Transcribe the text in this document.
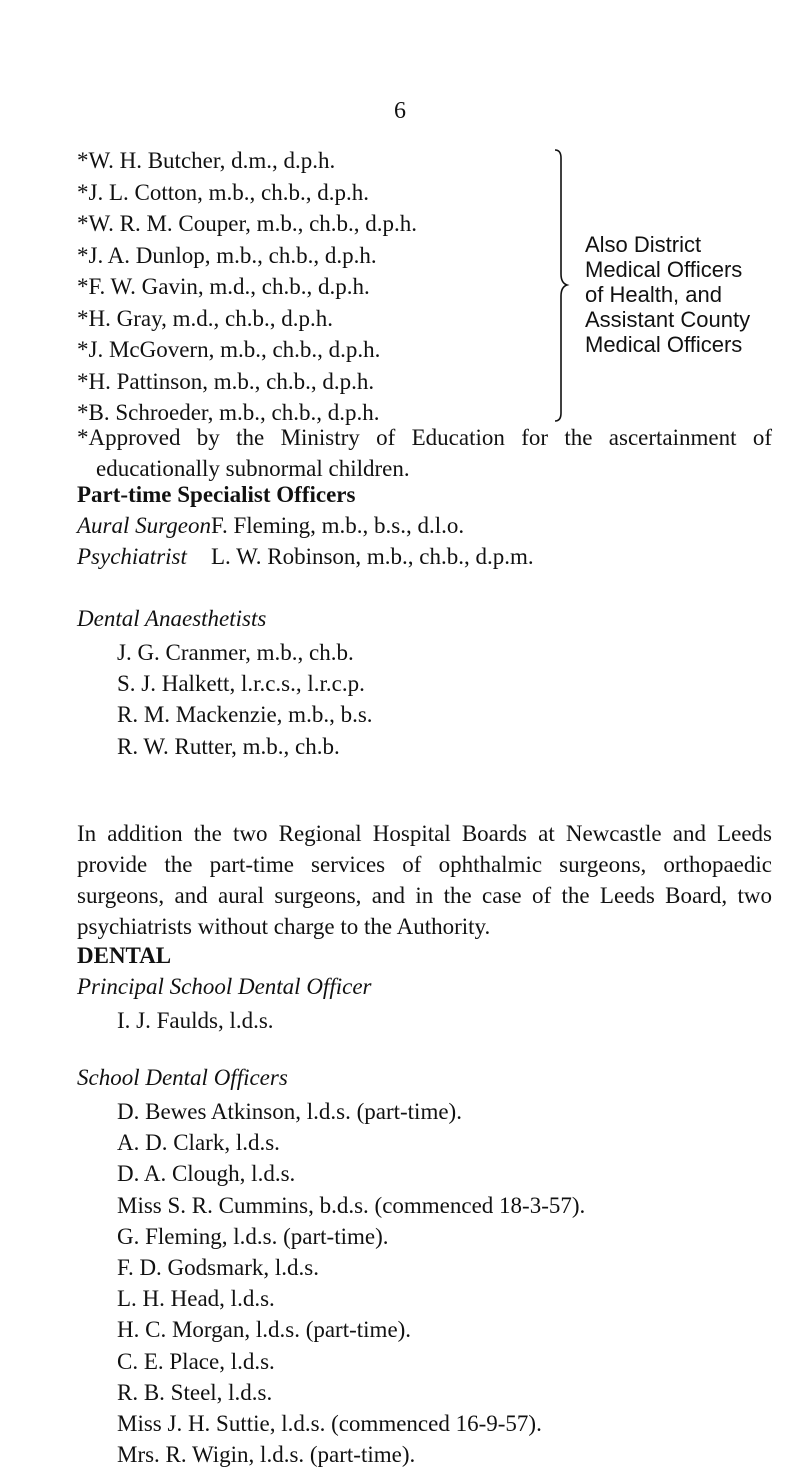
6
*W. H. Butcher, d.m., d.p.h.
*J. L. Cotton, m.b., ch.b., d.p.h.
*W. R. M. Couper, m.b., ch.b., d.p.h.
*J. A. Dunlop, m.b., ch.b., d.p.h.
*F. W. Gavin, m.d., ch.b., d.p.h.
*H. Gray, m.d., ch.b., d.p.h.
*J. McGovern, m.b., ch.b., d.p.h.
*H. Pattinson, m.b., ch.b., d.p.h.
*B. Schroeder, m.b., ch.b., d.p.h.
Also District
Medical Officers
of Health, and
Assistant County
Medical Officers
*Approved by the Ministry of Education for the ascertainment of
educationally subnormal children.
Part-time Specialist Officers
Aural SurgeonF. Fleming, m.b., b.s., d.l.o.
Psychiatrist L. W. Robinson, m.b., ch.b., d.p.m.
Dental Anaesthetists
J. G. Cranmer, m.b., ch.b.
S. J. Halkett, l.r.c.s., l.r.c.p.
R. M. Mackenzie, m.b., b.s.
R. W. Rutter, m.b., ch.b.
In addition the two Regional Hospital Boards at Newcastle and Leeds
provide the part-time services of ophthalmic surgeons, orthopaedic
surgeons, and aural surgeons, and in the case of the Leeds Board, two
psychiatrists without charge to the Authority.
DENTAL
Principal School Dental Officer
I. J. Faulds, l.d.s.
School Dental Officers
D. Bewes Atkinson, l.d.s. (part-time).
A. D. Clark, l.d.s.
D. A. Clough, l.d.s.
Miss S. R. Cummins, b.d.s. (commenced 18-3-57).
G. Fleming, l.d.s. (part-time).
F. D. Godsmark, l.d.s.
L. H. Head, l.d.s.
H. C. Morgan, l.d.s. (part-time).
C. E. Place, l.d.s.
R. B. Steel, l.d.s.
Miss J. H. Suttie, l.d.s. (commenced 16-9-57).
Mrs. R. Wigin, l.d.s. (part-time).
